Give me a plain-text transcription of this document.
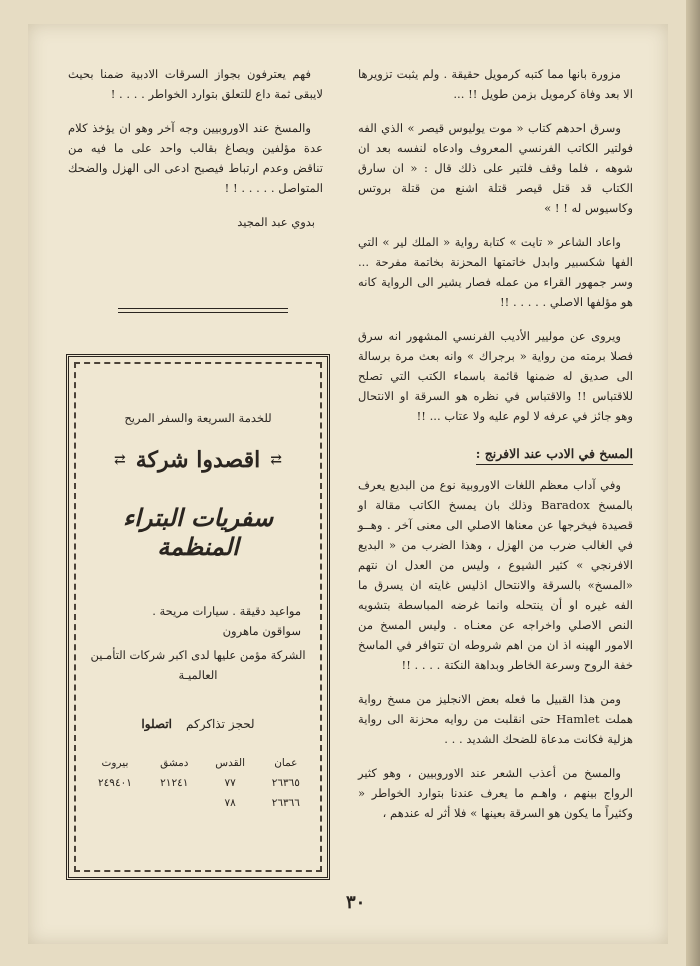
مزورة بانها مما كتبه كرمويل حقيقة . ولم يثبت تزويرها الا بعد وفاة كرمويل بزمن طويل !! ...

وسرق احدهم كتاب « موت يوليوس قيصر » الذي الفه فولتير الكاتب الفرنسي المعروف وادعاه لنفسه بعد ان شوهه ، فلما وقف فلتير على ذلك قال : « ان سارق الكتاب قد قتل قيصر قتلة اشنع من قتلة بروتس وكاسيوس له ! ! »

واعاد الشاعر « تايت » كتابة رواية « الملك لير » التي الفها شكسبير وابدل خاتمتها المحزنة بخاتمة مفرحة ... وسر جمهور القراء من عمله فصار يشير الى الرواية كانه هو مؤلفها الاصلي . . . . . !!

ويروى عن موليير الأديب الفرنسي المشهور انه سرق فصلا برمته من رواية « برجراك » وانه بعث مرة برسالة الى صديق له ضمنها قائمة باسماء الكتب التي تصلح للاقتباس !! والاقتباس في نظره هو السرقة او الانتحال وهو جائز في عرفه لا لوم عليه ولا عتاب ... !!

المسخ في الادب عند الافرنج :

وفي آداب معظم اللغات الاوروبية نوع من البديع يعرف بالمسخ Baradox وذلك بان يمسخ الكاتب مقالة او قصيدة فيخرجها عن معناها الاصلي الى معنى آخر . وهــو في الغالب ضرب من الهزل ، وهذا الضرب من « البديع الافرنجي » كثير الشيوع ، وليس من العدل ان نتهم «المسخ» بالسرقة والانتحال اذليس غايته ان يسرق ما الفه غيره او أن ينتحله وانما غرضه المباسطة بتشويه النص الاصلي واخراجه عن معنـاه . وليس المسخ من الامور الهينه اذ ان من اهم شروطه ان تتوافر في الماسخ خفة الروح وسرعة الخاطر وبداهة النكتة . . . . !!

ومن هذا القبيل ما فعله بعض الانجليز من مسخ رواية هملت Hamlet حتى انقلبت من روايه محزنة الى رواية هزلية فكانت مدعاة للضحك الشديد . . .

والمسخ من أعذب الشعر عند الاوروبيين ، وهو كثير الرواج بينهم ، واهـم ما يعرف عندنا بتوارد الخواطر « وكثيراً ما يكون هو السرقة بعينها » فلا أثر له عندهم ،

فهم يعترفون بجواز السرقات الادبية ضمنا بحيث لايبقى ثمة داع للتعلق بتوارد الخواطر . . . . !

والمسخ عند الاوروبيين وجه آخر وهو ان يؤخذ كلام عدة مؤلفين ويصاغ بقالب واحد على ما فيه من تناقض وعدم ارتباط فيصبح ادعى الى الهزل والضحك المتواصل . . . . . ! !

بدوي عبد المجيد
للخدمة السريعة والسفر المريح
⇄
اقصدوا شركة
⇄
سفريات البتراء المنظمة
مواعيد دقيقة . سيارات مريحة .
سواقون ماهرون
الشركة مؤمن عليها لدى اكبر شركات التأمـين العالميـة
لحجز تذاكركم
اتصلوا
عمان	القدس	دمشق	بيروت
٢٦٣٦٥	٧٧	٢١٢٤١	٢٤٩٤٠١
٢٦٣٦٦	٧٨		
٣٠
